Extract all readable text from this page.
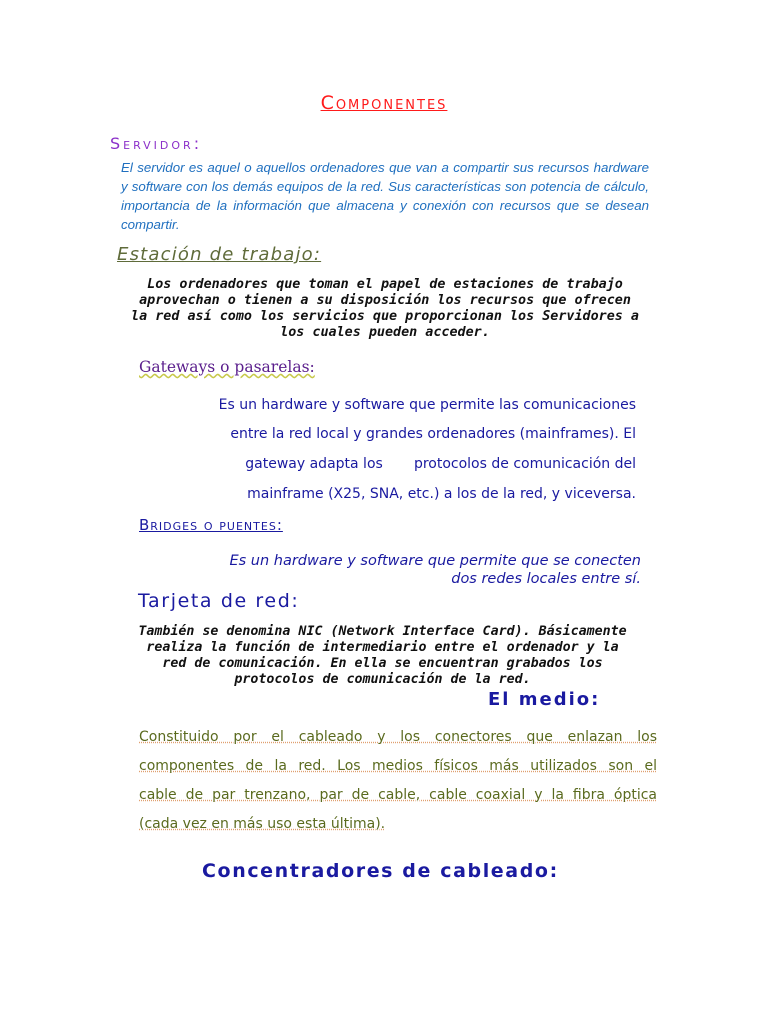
Componentes
Servidor:
El servidor es aquel o aquellos ordenadores que van a compartir sus recursos hardware y software con los demás equipos de la red. Sus características son potencia de cálculo, importancia de la información que almacena y conexión con recursos que se desean compartir.
Estación de trabajo:
Los ordenadores que toman el papel de estaciones de trabajo aprovechan o tienen a su disposición los recursos que ofrecen la red así como los servicios que proporcionan los Servidores a los cuales pueden acceder.
Gateways o pasarelas:
Es un hardware y software que permite las comunicaciones
entre la red local y grandes ordenadores (mainframes). El
gateway adapta los       protocolos de comunicación del
mainframe (X25, SNA, etc.) a los de la red, y viceversa.
Bridges o puentes:
Es un hardware y software que permite que se conecten
dos redes locales entre sí.
Tarjeta de red:
También se denomina NIC (Network Interface Card). Básicamente realiza la función de intermediario entre el ordenador y la red de comunicación. En ella se encuentran grabados los protocolos de comunicación de la red.
El medio:
Constituido por el cableado y los conectores que enlazan los
componentes de la red. Los medios físicos más utilizados son el
cable de par trenzano, par de cable, cable coaxial y la fibra óptica
(cada vez en más uso esta última).
Concentradores de cableado:
